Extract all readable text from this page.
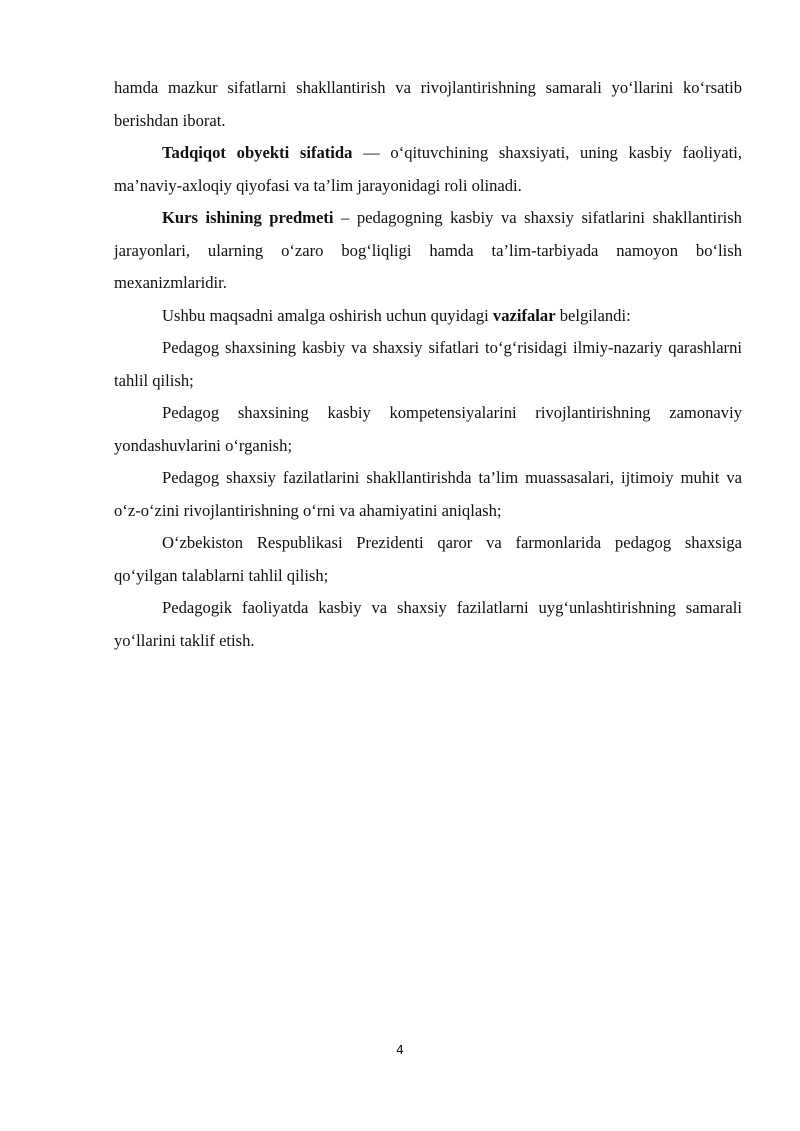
hamda mazkur sifatlarni shakllantirish va rivojlantirishning samarali yo‘llarini ko‘rsatib berishdan iborat.

Tadqiqot obyekti sifatida — o‘qituvchining shaxsiyati, uning kasbiy faoliyati, ma’naviy-axloqiy qiyofasi va ta’lim jarayonidagi roli olinadi.

Kurs ishining predmeti – pedagogning kasbiy va shaxsiy sifatlarini shakllantirish jarayonlari, ularning o‘zaro bog‘liqligi hamda ta’lim-tarbiyada namoyon bo‘lish mexanizmlaridir.

Ushbu maqsadni amalga oshirish uchun quyidagi vazifalar belgilandi:

Pedagog shaxsining kasbiy va shaxsiy sifatlari to‘g‘risidagi ilmiy-nazariy qarashlarni tahlil qilish;

Pedagog shaxsining kasbiy kompetensiyalarini rivojlantirishning zamonaviy yondashuvlarini o‘rganish;

Pedagog shaxsiy fazilatlarini shakllantirishda ta’lim muassasalari, ijtimoiy muhit va o‘z-o‘zini rivojlantirishning o‘rni va ahamiyatini aniqlash;

O‘zbekiston Respublikasi Prezidenti qaror va farmonlarida pedagog shaxsiga qo‘yilgan talablarni tahlil qilish;

Pedagogik faoliyatda kasbiy va shaxsiy fazilatlarni uyg‘unlashtirishning samarali yo‘llarini taklif etish.

4
